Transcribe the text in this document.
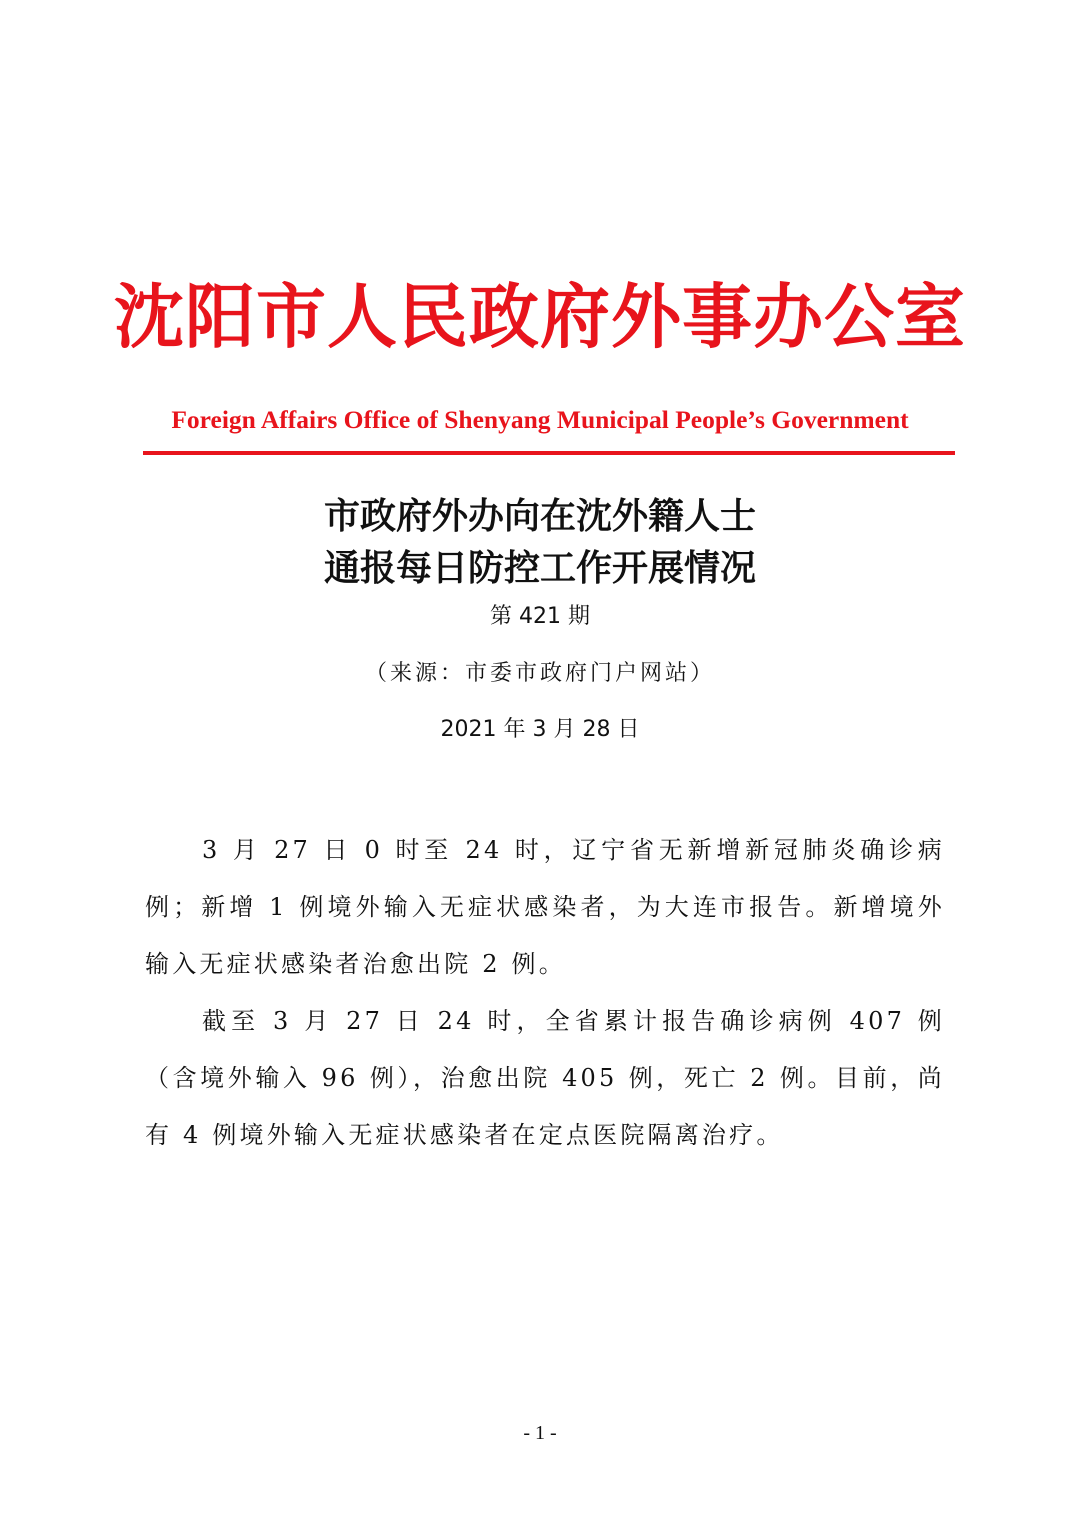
沈阳市人民政府外事办公室
Foreign Affairs Office of Shenyang Municipal People’s Government
市政府外办向在沈外籍人士
通报每日防控工作开展情况
第 421 期
（来源：市委市政府门户网站）
2021 年 3 月 28 日

3 月 27 日 0 时至 24 时，辽宁省无新增新冠肺炎确诊病例；新增 1 例境外输入无症状感染者，为大连市报告。新增境外输入无症状感染者治愈出院 2 例。

截至 3 月 27 日 24 时，全省累计报告确诊病例 407 例（含境外输入 96 例），治愈出院 405 例，死亡 2 例。目前，尚有 4 例境外输入无症状感染者在定点医院隔离治疗。

- 1 -
